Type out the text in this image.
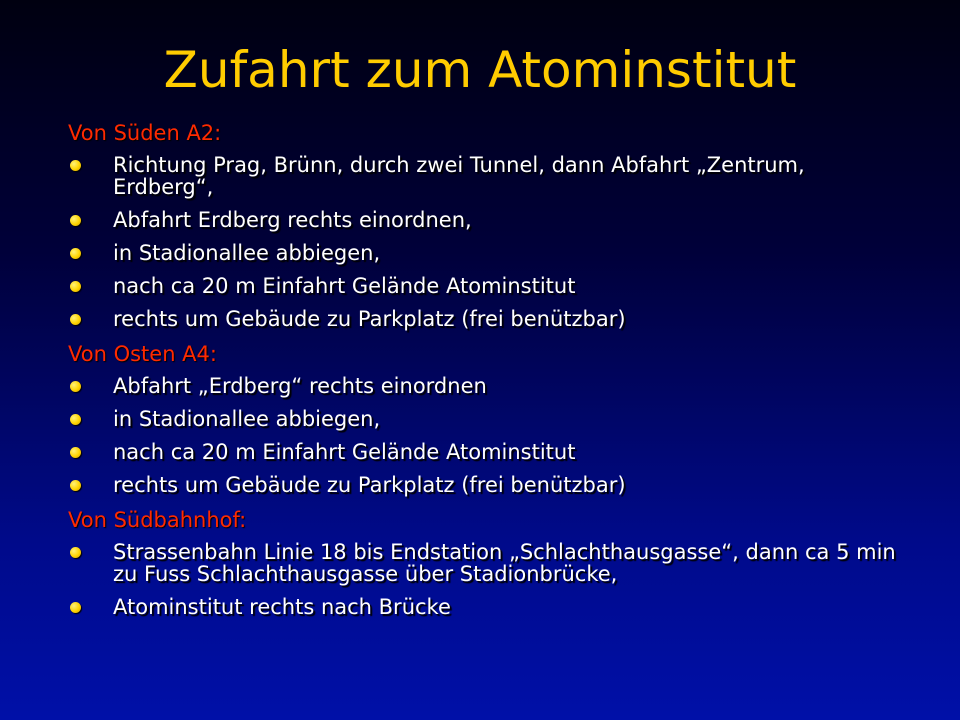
Zufahrt zum Atominstitut
Von Süden A2:
Richtung Prag, Brünn, durch zwei Tunnel, dann Abfahrt „Zentrum, Erdberg“,
Abfahrt Erdberg rechts einordnen,
in Stadionallee abbiegen,
nach ca 20 m Einfahrt Gelände Atominstitut
rechts um Gebäude zu Parkplatz (frei benützbar)
Von Osten A4:
Abfahrt „Erdberg“ rechts einordnen
in Stadionallee abbiegen,
nach ca 20 m Einfahrt Gelände Atominstitut
rechts um Gebäude zu Parkplatz (frei benützbar)
Von Südbahnhof:
Strassenbahn Linie 18 bis Endstation „Schlachthausgasse“, dann ca 5 min zu Fuss Schlachthausgasse über Stadionbrücke,
Atominstitut rechts nach Brücke
